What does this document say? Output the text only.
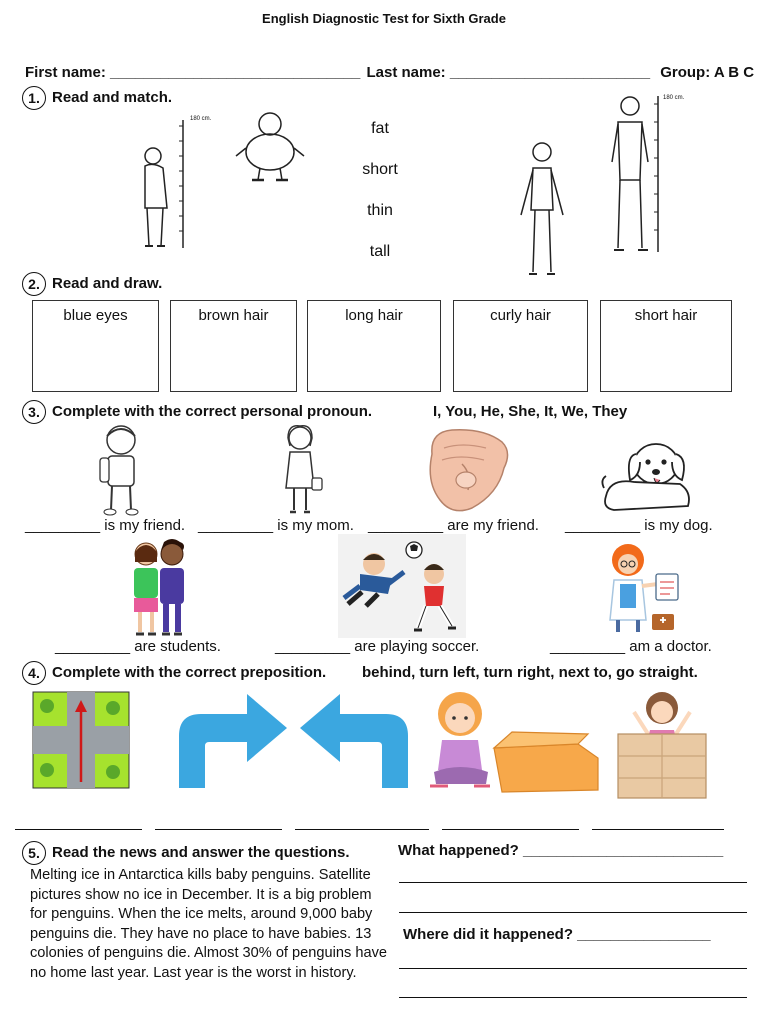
English Diagnostic Test for Sixth Grade
First name: ______________________________ Last name: ________________________ Group: A B C
1. Read and match.
fat
short
thin
tall
180 cm.
180 cm.
2. Read and draw.
blue eyes	brown hair	long hair	curly hair	short hair
3. Complete with the correct personal pronoun.	I, You, He, She, It, We, They
_________ is my friend. _________ is my mom. _________ are my friend. _________ is my dog.
_________ are students.	_________ are playing soccer.	_________ am a doctor.
4. Complete with the correct preposition. behind, turn left, turn right, next to, go straight.
5. Read the news and answer the questions.
Melting ice in Antarctica kills baby penguins. Satellite pictures show no ice in December. It is a big problem for penguins. When the ice melts, around 9,000 baby penguins die. They have no place to have babies. 13 colonies of penguins die. Almost 30% of penguins have no home last year. Last year is the worst in history.
What happened? ________________________
Where did it happened? ________________
